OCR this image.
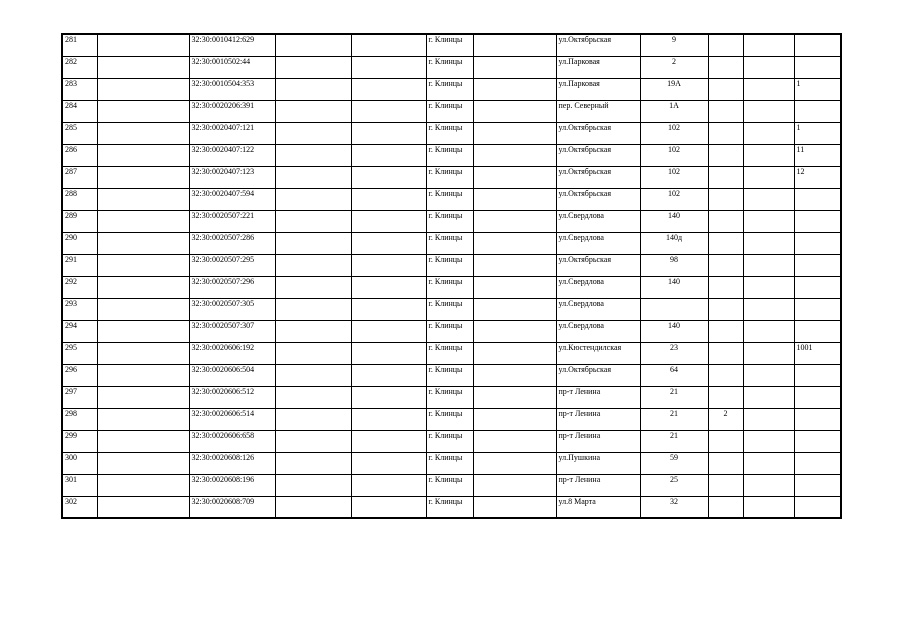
281		32:30:0010412:629			г. Клинцы		ул.Октябрьская	9			
282		32:30:0010502:44			г. Клинцы		ул.Парковая	2			
283		32:30:0010504:353			г. Клинцы		ул.Парковая	19А			1
284		32:30:0020206:391			г. Клинцы		пер. Северный	1А			
285		32:30:0020407:121			г. Клинцы		ул.Октябрьская	102			1
286		32:30:0020407:122			г. Клинцы		ул.Октябрьская	102			11
287		32:30:0020407:123			г. Клинцы		ул.Октябрьская	102			12
288		32:30:0020407:594			г. Клинцы		ул.Октябрьская	102			
289		32:30:0020507:221			г. Клинцы		ул.Свердлова	140			
290		32:30:0020507:286			г. Клинцы		ул.Свердлова	140д			
291		32:30:0020507:295			г. Клинцы		ул.Октябрьская	98			
292		32:30:0020507:296			г. Клинцы		ул.Свердлова	140			
293		32:30:0020507:305			г. Клинцы		ул.Свердлова				
294		32:30:0020507:307			г. Клинцы		ул.Свердлова	140			
295		32:30:0020606:192			г. Клинцы		ул.Кюстендилская	23			1001
296		32:30:0020606:504			г. Клинцы		ул.Октябрьская	64			
297		32:30:0020606:512			г. Клинцы		пр-т Ленина	21			
298		32:30:0020606:514			г. Клинцы		пр-т Ленина	21	2		
299		32:30:0020606:658			г. Клинцы		пр-т Ленина	21			
300		32:30:0020608:126			г. Клинцы		ул.Пушкина	59			
301		32:30:0020608:196			г. Клинцы		пр-т Ленина	25			
302		32:30:0020608:709			г. Клинцы		ул.8 Марта	32			
